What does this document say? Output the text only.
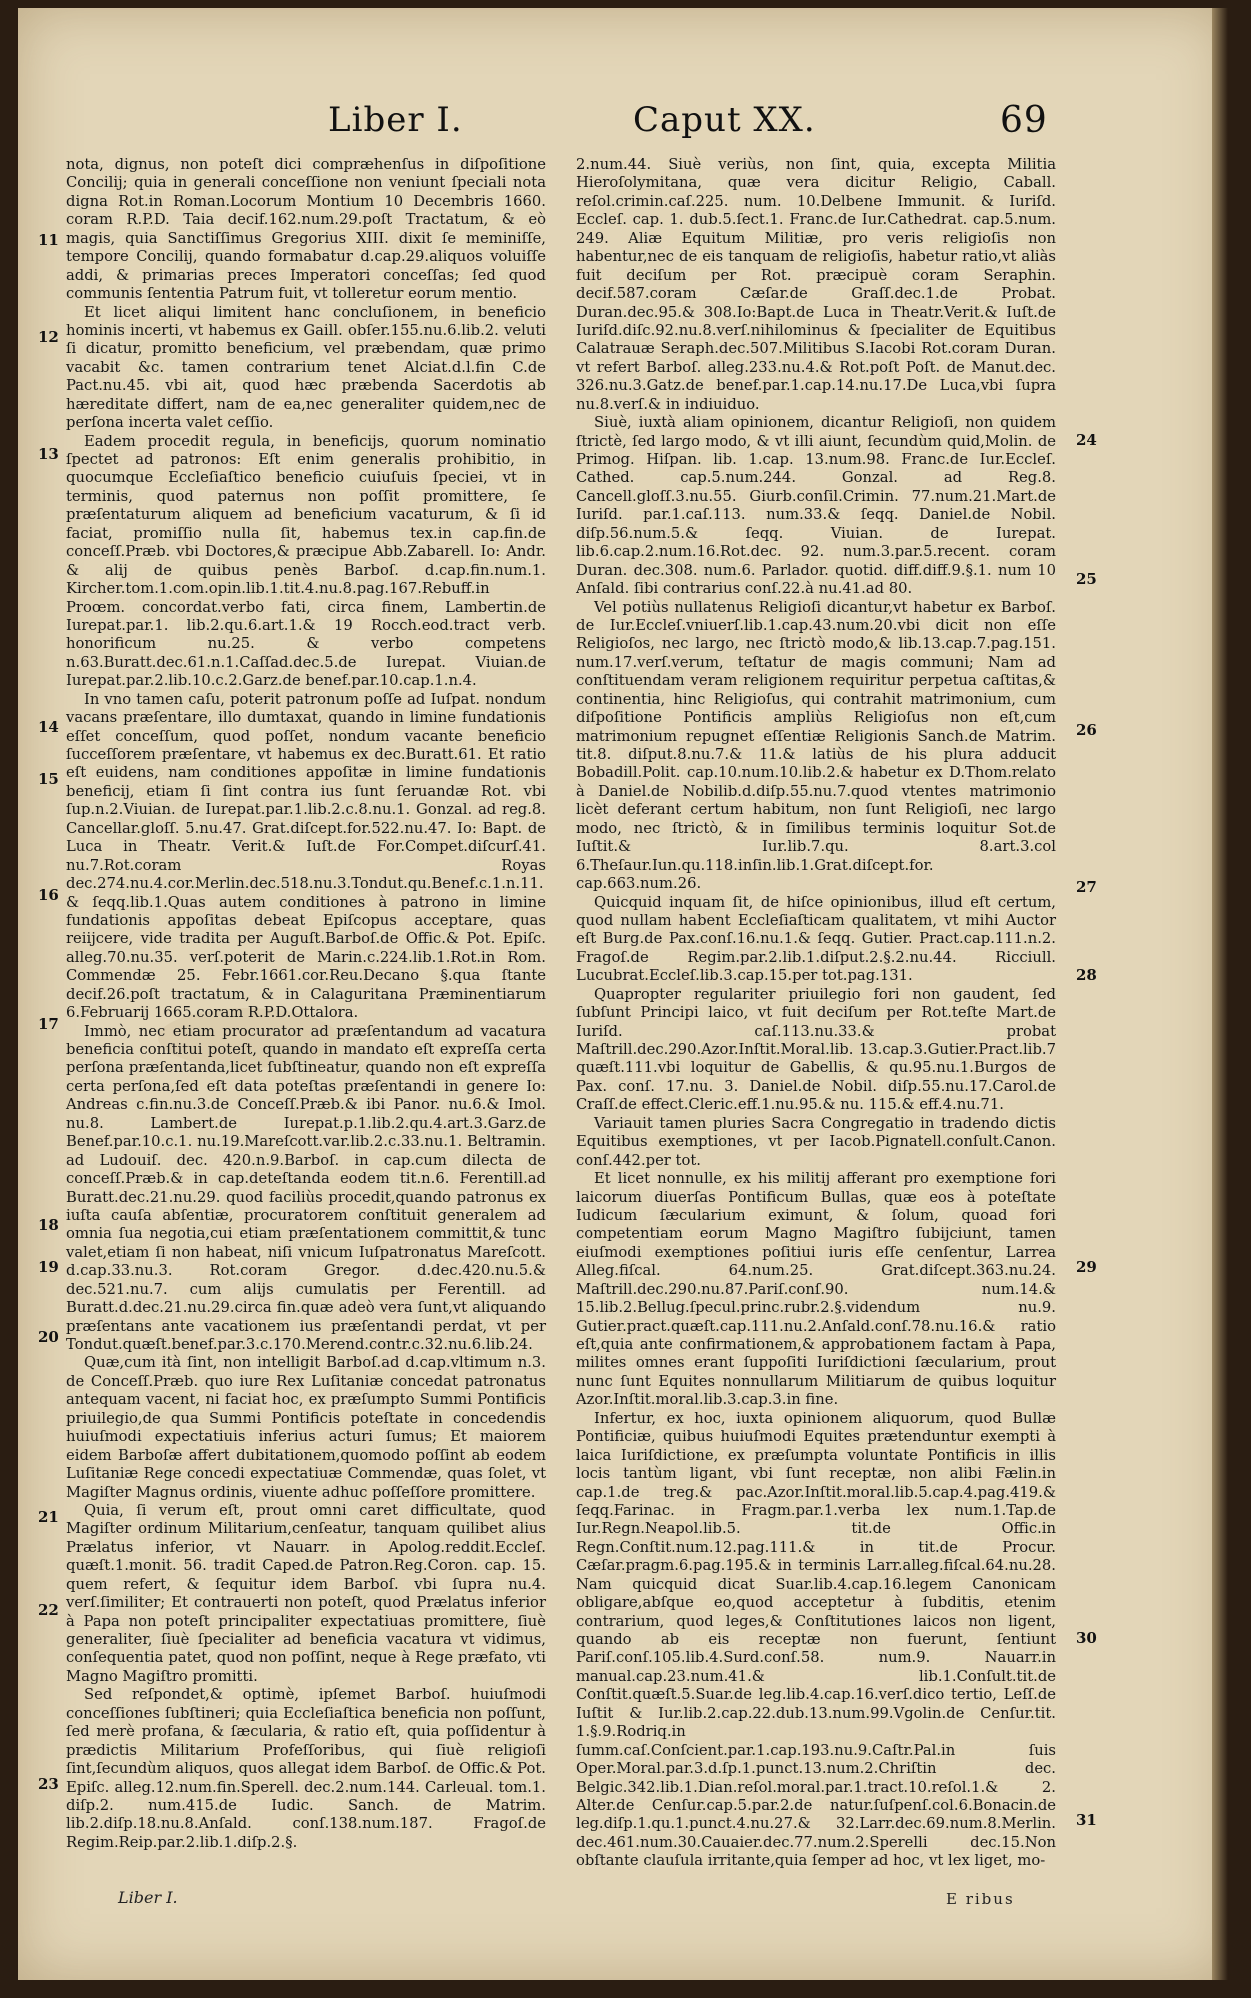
Liber I.	Caput XX.	69

nota, dignus, non poteſt dici compræhenſus in diſpoſitione Concilij; quia in generali conceſſione non veniunt ſpeciali nota digna Rot.in Roman.Locorum Montium 10 Decembris 1660. coram R.P.D. Taia decif.162.num.29.poſt Tractatum, & eò magis, quia Sanctiſſimus Gregorius XIII. dixit ſe meminiſſe, tempore Concilij, quando formabatur d.cap.29.aliquos voluiſſe addi, & primarias preces Imperatori conceſſas; ſed quod communis ſententia Patrum fuit, vt tolleretur eorum mentio.

Et licet aliqui limitent hanc concluſionem, in beneficio hominis incerti, vt habemus ex Gaill. obſer.155.nu.6.lib.2. veluti ſi dicatur, promitto beneficium, vel præbendam, quæ primo vacabit &c. tamen contrarium tenet Alciat.d.l.fin C.de Pact.nu.45. vbi ait, quod hæc præbenda Sacerdotis ab hæreditate differt, nam de ea,nec generaliter quidem,nec de perſona incerta valet ceſſio.

Eadem procedit regula, in beneficijs, quorum nominatio ſpectet ad patronos: Eſt enim generalis prohibitio, in quocumque Eccleſiaſtico beneficio cuiuſuis ſpeciei, vt in terminis, quod paternus non poſſit promittere, ſe præſentaturum aliquem ad beneficium vacaturum, & ſi id faciat, promiſſio nulla ſit, habemus tex.in cap.fin.de conceſſ.Præb. vbi Doctores,& præcipue Abb.Zabarell. Io: Andr. & alij de quibus penès Barboſ. d.cap.fin.num.1. Kircher.tom.1.com.opin.lib.1.tit.4.nu.8.pag.167.Rebuff.in Proœm. concordat.verbo fati, circa finem, Lambertin.de Iurepat.par.1. lib.2.qu.6.art.1.& 19 Rocch.eod.tract verb. honorificum nu.25. & verbo competens n.63.Buratt.dec.61.n.1.Caſſad.dec.5.de Iurepat. Viuian.de Iurepat.par.2.lib.10.c.2.Garz.de benef.par.10.cap.1.n.4.

In vno tamen caſu, poterit patronum poſſe ad Iuſpat. nondum vacans præſentare, illo dumtaxat, quando in limine fundationis eſſet conceſſum, quod poſſet, nondum vacante beneficio ſucceſſorem præſentare, vt habemus ex dec.Buratt.61. Et ratio eſt euidens, nam conditiones appoſitæ in limine fundationis beneficij, etiam ſi ſint contra ius ſunt ſeruandæ Rot. vbi ſup.n.2.Viuian. de Iurepat.par.1.lib.2.c.8.nu.1. Gonzal. ad reg.8. Cancellar.gloſſ. 5.nu.47. Grat.diſcept.for.522.nu.47. Io: Bapt. de Luca in Theatr. Verit.& Iuſt.de For.Compet.diſcurſ.41. nu.7.Rot.coram Royas dec.274.nu.4.cor.Merlin.dec.518.nu.3.Tondut.qu.Benef.c.1.n.11. & ſeqq.lib.1.Quas autem conditiones à patrono in limine fundationis appoſitas debeat Epiſcopus acceptare, quas reiijcere, vide tradita per Auguſt.Barboſ.de Offic.& Pot. Epiſc. alleg.70.nu.35. verſ.poterit de Marin.c.224.lib.1.Rot.in Rom. Commendæ 25. Febr.1661.cor.Reu.Decano §.qua ſtante decif.26.poſt tractatum, & in Calaguritana Præminentiarum 6.Februarij 1665.coram R.P.D.Ottalora.

Immò, nec etiam procurator ad præſentandum ad vacatura beneficia conſtitui poteſt, quando in mandato eſt expreſſa certa perſona præſentanda,licet ſubſtineatur, quando non eſt expreſſa certa perſona,ſed eſt data poteſtas præſentandi in genere Io: Andreas c.fin.nu.3.de Conceſſ.Præb.& ibi Panor. nu.6.& Imol. nu.8. Lambert.de Iurepat.p.1.lib.2.qu.4.art.3.Garz.de Benef.par.10.c.1. nu.19.Mareſcott.var.lib.2.c.33.nu.1. Beltramin. ad Ludouiſ. dec. 420.n.9.Barboſ. in cap.cum dilecta de conceſſ.Præb.& in cap.deteſtanda eodem tit.n.6. Ferentill.ad Buratt.dec.21.nu.29. quod faciliùs procedit,quando patronus ex iuſta cauſa abſentiæ, procuratorem conſtituit generalem ad omnia ſua negotia,cui etiam præſentationem committit,& tunc valet,etiam ſi non habeat, niſi vnicum Iuſpatronatus Mareſcott. d.cap.33.nu.3. Rot.coram Gregor. d.dec.420.nu.5.& dec.521.nu.7. cum alijs cumulatis per Ferentill. ad Buratt.d.dec.21.nu.29.circa fin.quæ adeò vera ſunt,vt aliquando præſentans ante vacationem ius præſentandi perdat, vt per Tondut.quæſt.benef.par.3.c.170.Merend.contr.c.32.nu.6.lib.24.

Quæ,cum ità ſint, non intelligit Barboſ.ad d.cap.vltimum n.3. de Conceſſ.Præb. quo iure Rex Luſitaniæ concedat patronatus antequam vacent, ni faciat hoc, ex præſumpto Summi Pontificis priuilegio,de qua Summi Pontificis poteſtate in concedendis huiuſmodi expectatiuis inferius acturi ſumus; Et maiorem eidem Barboſæ affert dubitationem,quomodo poſſint ab eodem Luſitaniæ Rege concedi expectatiuæ Commendæ, quas ſolet, vt Magiſter Magnus ordinis, viuente adhuc poſſeſſore promittere.

Quia, ſi verum eſt, prout omni caret difficultate, quod Magiſter ordinum Militarium,cenſeatur, tanquam quilibet alius Prælatus inferior, vt Nauarr. in Apolog.reddit.Eccleſ. quæſt.1.monit. 56. tradit Caped.de Patron.Reg.Coron. cap. 15. quem refert, & ſequitur idem Barboſ. vbi ſupra nu.4. verſ.ſimiliter; Et contrauerti non poteſt, quod Prælatus inferior à Papa non poteſt principaliter expectatiuas promittere, ſiuè generaliter, ſiuè ſpecialiter ad beneficia vacatura vt vidimus, conſequentia patet, quod non poſſint, neque à Rege præfato, vti Magno Magiſtro promitti.

Sed reſpondet,& optimè, ipſemet Barboſ. huiuſmodi conceſſiones ſubſtineri; quia Eccleſiaſtica beneficia non poſſunt, ſed merè profana, & ſæcularia, & ratio eſt, quia poſſidentur à prædictis Militarium Profeſſoribus, qui ſiuè religioſi ſint,ſecundùm aliquos, quos allegat idem Barboſ. de Offic.& Pot. Epiſc. alleg.12.num.fin.Sperell. dec.2.num.144. Carleual. tom.1. diſp.2. num.415.de Iudic. Sanch. de Matrim. lib.2.diſp.18.nu.8.Anſald. conſ.138.num.187. Fragoſ.de Regim.Reip.par.2.lib.1.diſp.2.§.

2.num.44. Siuè veriùs, non ſint, quia, excepta Militia Hieroſolymitana, quæ vera dicitur Religio, Caball. reſol.crimin.caſ.225. num. 10.Delbene Immunit. & Iuriſd. Eccleſ. cap. 1. dub.5.ſect.1. Franc.de Iur.Cathedrat. cap.5.num. 249. Aliæ Equitum Militiæ, pro veris religioſis non habentur,nec de eis tanquam de religioſis, habetur ratio,vt aliàs fuit deciſum per Rot. præcipuè coram Seraphin. decif.587.coram Cæſar.de Graſſ.dec.1.de Probat. Duran.dec.95.& 308.Io:Bapt.de Luca in Theatr.Verit.& Iuſt.de Iuriſd.diſc.92.nu.8.verſ.nihilominus & ſpecialiter de Equitibus Calatrauæ Seraph.dec.507.Militibus S.Iacobi Rot.coram Duran. vt refert Barboſ. alleg.233.nu.4.& Rot.poſt Poſt. de Manut.dec. 326.nu.3.Gatz.de benef.par.1.cap.14.nu.17.De Luca,vbi ſupra nu.8.verſ.& in indiuiduo.

Siuè, iuxtà aliam opinionem, dicantur Religioſi, non quidem ſtrictè, ſed largo modo, & vt illi aiunt, ſecundùm quid,Molin. de Primog. Hiſpan. lib. 1.cap. 13.num.98. Franc.de Iur.Eccleſ. Cathed. cap.5.num.244. Gonzal. ad Reg.8. Cancell.gloſſ.3.nu.55. Giurb.conſil.Crimin. 77.num.21.Mart.de Iuriſd. par.1.caſ.113. num.33.& ſeqq. Daniel.de Nobil. diſp.56.num.5.& ſeqq. Viuian. de Iurepat. lib.6.cap.2.num.16.Rot.dec. 92. num.3.par.5.recent. coram Duran. dec.308. num.6. Parlador. quotid. diff.diff.9.§.1. num 10 Anſald. ſibi contrarius conſ.22.à nu.41.ad 80.

Vel potiùs nullatenus Religioſi dicantur,vt habetur ex Barboſ. de Iur.Eccleſ.vniuerſ.lib.1.cap.43.num.20.vbi dicit non eſſe Religioſos, nec largo, nec ſtrictò modo,& lib.13.cap.7.pag.151. num.17.verſ.verum, teſtatur de magis communi; Nam ad conſtituendam veram religionem requiritur perpetua caſtitas,& continentia, hinc Religioſus, qui contrahit matrimonium, cum diſpoſitione Pontificis ampliùs Religioſus non eſt,cum matrimonium repugnet eſſentiæ Religionis Sanch.de Matrim. tit.8. diſput.8.nu.7.& 11.& latiùs de his plura adducit Bobadill.Polit. cap.10.num.10.lib.2.& habetur ex D.Thom.relato à Daniel.de Nobilib.d.diſp.55.nu.7.quod vtentes matrimonio licèt deferant certum habitum, non ſunt Religioſi, nec largo modo, nec ſtrictò, & in ſimilibus terminis loquitur Sot.de Iuſtit.& Iur.lib.7.qu. 8.art.3.col 6.Theſaur.Iun.qu.118.inſin.lib.1.Grat.diſcept.for. cap.663.num.26.

Quicquid inquam ſit, de hiſce opinionibus, illud eſt certum, quod nullam habent Eccleſiaſticam qualitatem, vt mihi Auctor eſt Burg.de Pax.conſ.16.nu.1.& ſeqq. Gutier. Pract.cap.111.n.2. Fragoſ.de Regim.par.2.lib.1.diſput.2.§.2.nu.44. Ricciull. Lucubrat.Eccleſ.lib.3.cap.15.per tot.pag.131.

Quapropter regulariter priuilegio fori non gaudent, ſed ſubſunt Principi laico, vt fuit deciſum per Rot.teſte Mart.de Iuriſd. caſ.113.nu.33.& probat Maſtrill.dec.290.Azor.Inſtit.Moral.lib. 13.cap.3.Gutier.Pract.lib.7 quæſt.111.vbi loquitur de Gabellis, & qu.95.nu.1.Burgos de Pax. conſ. 17.nu. 3. Daniel.de Nobil. diſp.55.nu.17.Carol.de Craſſ.de effect.Cleric.eff.1.nu.95.& nu. 115.& eff.4.nu.71.

Variauit tamen pluries Sacra Congregatio in tradendo dictis Equitibus exemptiones, vt per Iacob.Pignatell.conſult.Canon. conſ.442.per tot.

Et licet nonnulle, ex his militij afferant pro exemptione fori laicorum diuerſas Pontificum Bullas, quæ eos à poteſtate Iudicum ſæcularium eximunt, & ſolum, quoad fori competentiam eorum Magno Magiſtro ſubijciunt, tamen eiuſmodi exemptiones poſitiui iuris eſſe cenſentur, Larrea Alleg.fiſcal. 64.num.25. Grat.diſcept.363.nu.24. Maſtrill.dec.290.nu.87.Pariſ.conſ.90. num.14.& 15.lib.2.Bellug.ſpecul.princ.rubr.2.§.videndum nu.9. Gutier.pract.quæſt.cap.111.nu.2.Anſald.conſ.78.nu.16.& ratio eſt,quia ante confirmationem,& approbationem factam à Papa, milites omnes erant ſuppoſiti Iuriſdictioni ſæcularium, prout nunc ſunt Equites nonnullarum Militiarum de quibus loquitur Azor.Inſtit.moral.lib.3.cap.3.in fine.

Infertur, ex hoc, iuxta opinionem aliquorum, quod Bullæ Pontificiæ, quibus huiuſmodi Equites prætenduntur exempti à laica Iuriſdictione, ex præſumpta voluntate Pontificis in illis locis tantùm ligant, vbi ſunt receptæ, non alibi Fælin.in cap.1.de treg.& pac.Azor.Inſtit.moral.lib.5.cap.4.pag.419.& ſeqq.Farinac. in Fragm.par.1.verba lex num.1.Tap.de Iur.Regn.Neapol.lib.5. tit.de Offic.in Regn.Conſtit.num.12.pag.111.& in tit.de Procur. Cæſar.pragm.6.pag.195.& in terminis Larr.alleg.fiſcal.64.nu.28. Nam quicquid dicat Suar.lib.4.cap.16.legem Canonicam obligare,abſque eo,quod acceptetur à ſubditis, etenim contrarium, quod leges,& Conſtitutiones laicos non ligent, quando ab eis receptæ non fuerunt, ſentiunt Pariſ.conſ.105.lib.4.Surd.conſ.58. num.9. Nauarr.in manual.cap.23.num.41.& lib.1.Conſult.tit.de Conſtit.quæſt.5.Suar.de leg.lib.4.cap.16.verſ.dico tertio, Leſſ.de Iuſtit & Iur.lib.2.cap.22.dub.13.num.99.Vgolin.de Cenſur.tit. 1.§.9.Rodriq.in ſumm.caſ.Conſcient.par.1.cap.193.nu.9.Caſtr.Pal.in ſuis Oper.Moral.par.3.d.ſp.1.punct.13.num.2.Chriſtin dec. Belgic.342.lib.1.Dian.reſol.moral.par.1.tract.10.reſol.1.& 2. Alter.de Cenſur.cap.5.par.2.de natur.ſuſpenſ.col.6.Bonacin.de leg.diſp.1.qu.1.punct.4.nu.27.& 32.Larr.dec.69.num.8.Merlin. dec.461.num.30.Cauaier.dec.77.num.2.Sperelli dec.15.Non obſtante clauſula irritante,quia ſemper ad hoc, vt lex liget, mo-

11
12
13
14
15
16
17
18
19
20
21
22
23
24
25
26
27
28
29
30
31
Liber I.	E ribus
